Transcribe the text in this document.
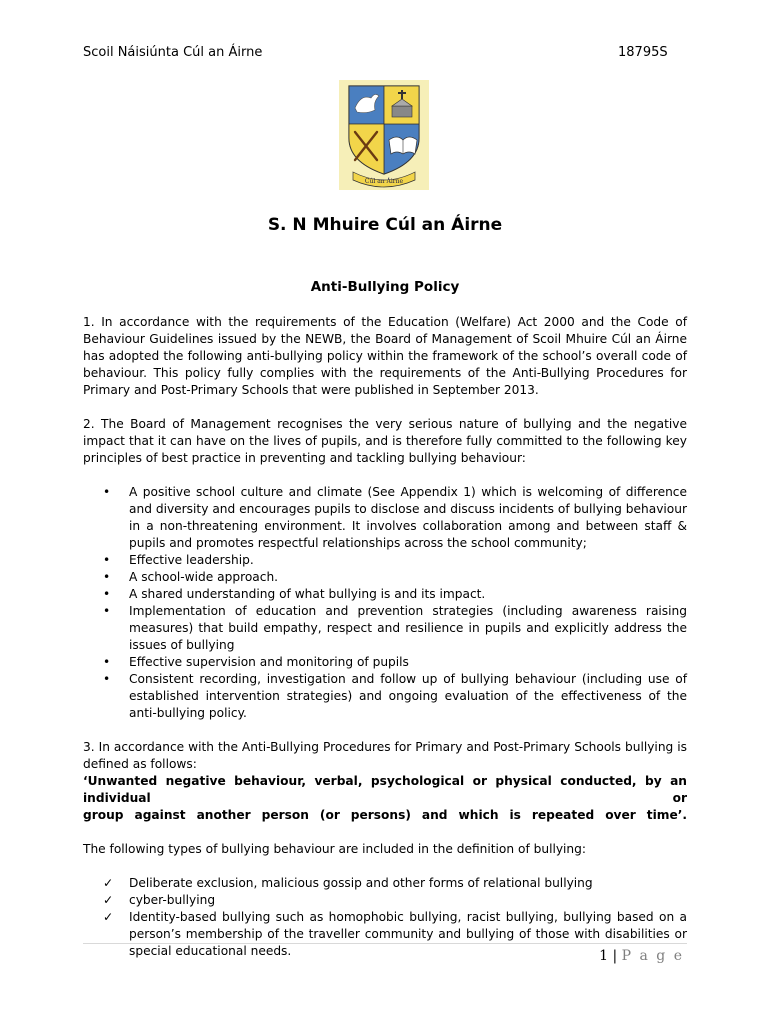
Scoil Náisiúnta Cúl an Áirne	18795S
Cúl an Áirne
S. N Mhuire Cúl an Áirne
Anti-Bullying Policy

1. In accordance with the requirements of the Education (Welfare) Act 2000 and the Code of Behaviour Guidelines issued by the NEWB, the Board of Management of Scoil Mhuire Cúl an Áirne has adopted the following anti-bullying policy within the framework of the school’s overall code of behaviour. This policy fully complies with the requirements of the Anti-Bullying Procedures for Primary and Post-Primary Schools that were published in September 2013.

2. The Board of Management recognises the very serious nature of bullying and the negative impact that it can have on the lives of pupils, and is therefore fully committed to the following key principles of best practice in preventing and tackling bullying behaviour:

• A positive school culture and climate (See Appendix 1) which is welcoming of difference and diversity and encourages pupils to disclose and discuss incidents of bullying behaviour in a non-threatening environment. It involves collaboration among and between staff & pupils and promotes respectful relationships across the school community;
• Effective leadership.
• A school-wide approach.
• A shared understanding of what bullying is and its impact.
• Implementation of education and prevention strategies (including awareness raising measures) that build empathy, respect and resilience in pupils and explicitly address the issues of bullying
• Effective supervision and monitoring of pupils
• Consistent recording, investigation and follow up of bullying behaviour (including use of established intervention strategies) and ongoing evaluation of the effectiveness of the anti-bullying policy.

3. In accordance with the Anti-Bullying Procedures for Primary and Post-Primary Schools bullying is defined as follows:

‘Unwanted negative behaviour, verbal, psychological or physical conducted, by an individual or

group against another person (or persons) and which is repeated over time’.

The following types of bullying behaviour are included in the definition of bullying:

✓ Deliberate exclusion, malicious gossip and other forms of relational bullying
✓ cyber-bullying
✓ Identity-based bullying such as homophobic bullying, racist bullying, bullying based on a person’s membership of the traveller community and bullying of those with disabilities or special educational needs.	1 | P a g e
